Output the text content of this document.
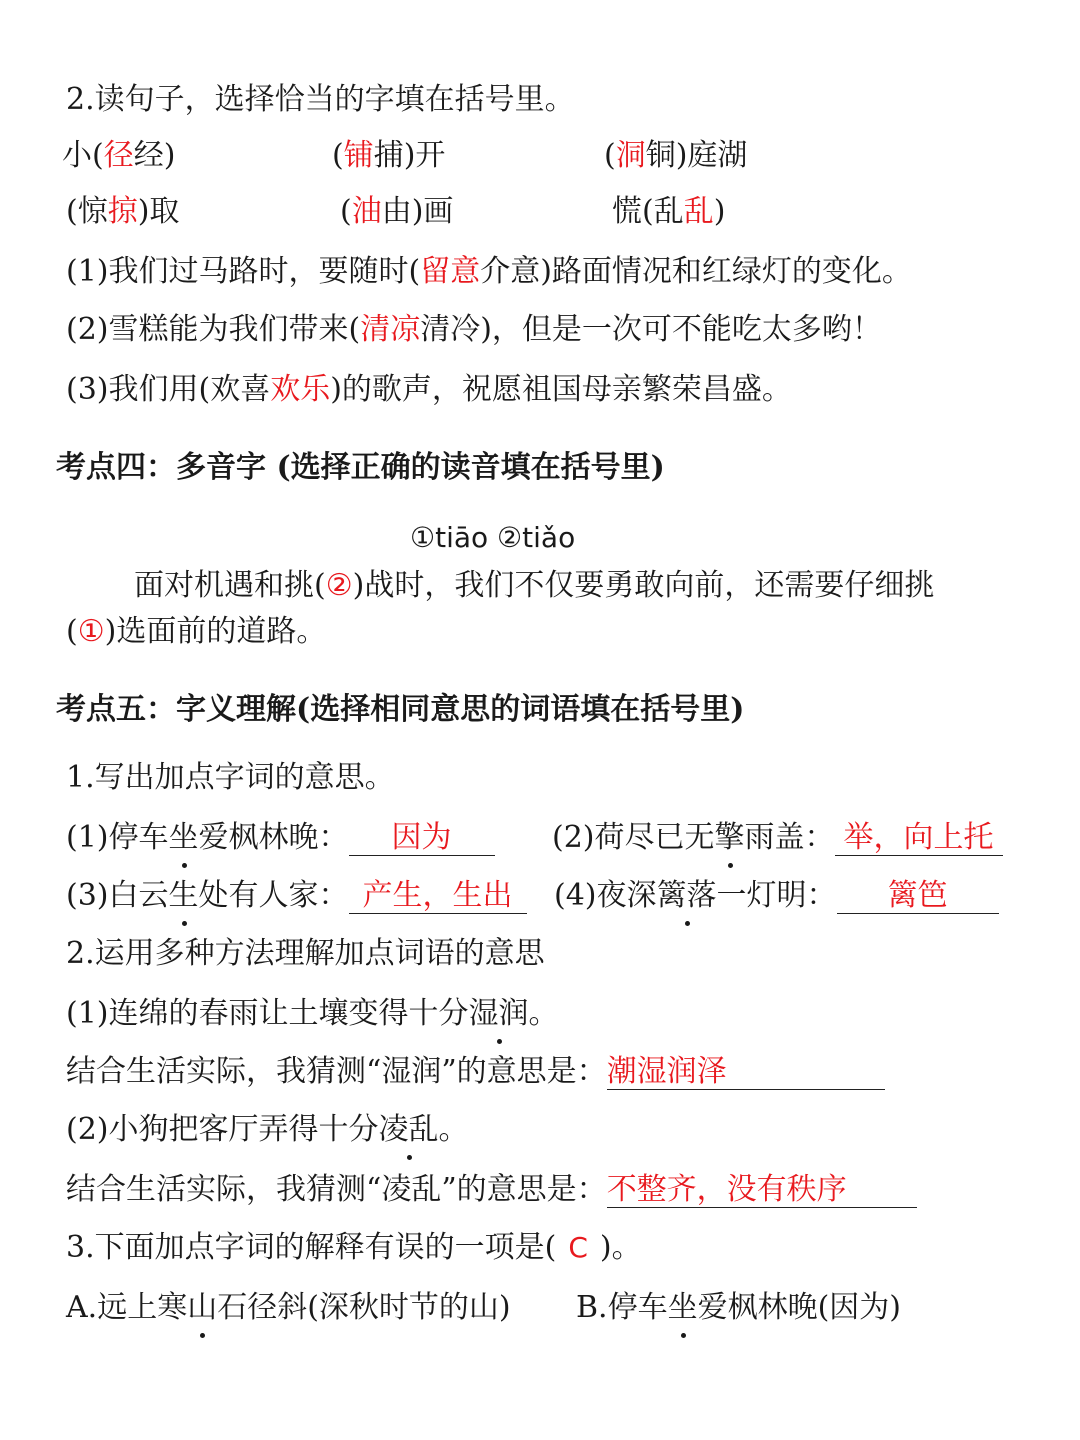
2.读句子，选择恰当的字填在括号里。
小(径经)	(铺捕)开	(洞铜)庭湖
(惊掠)取	(油由)画	慌(乱乱)
(1)我们过马路时，要随时(留意介意)路面情况和红绿灯的变化。
(2)雪糕能为我们带来(清凉清冷)，但是一次可不能吃太多哟！
(3)我们用(欢喜欢乐)的歌声，祝愿祖国母亲繁荣昌盛。
考点四：多音字 (选择正确的读音填在括号里)
①tiāo ②tiǎo
面对机遇和挑(②)战时，我们不仅要勇敢向前，还需要仔细挑
(①)选面前的道路。
考点五：字义理解(选择相同意思的词语填在括号里)
1.写出加点字词的意思。
(1)停车坐爱枫林晚： 因为	(2)荷尽已无擎雨盖： 举，向上托
(3)白云生处有人家： 产生，生出	(4)夜深篱落一灯明： 篱笆
2.运用多种方法理解加点词语的意思
(1)连绵的春雨让土壤变得十分湿润。
结合生活实际，我猜测“湿润”的意思是：潮湿润泽
(2)小狗把客厅弄得十分凌乱。
结合生活实际，我猜测“凌乱”的意思是：不整齐，没有秩序
3.下面加点字词的解释有误的一项是( C )。
A.远上寒山石径斜(深秋时节的山) B.停车坐爱枫林晚(因为)
